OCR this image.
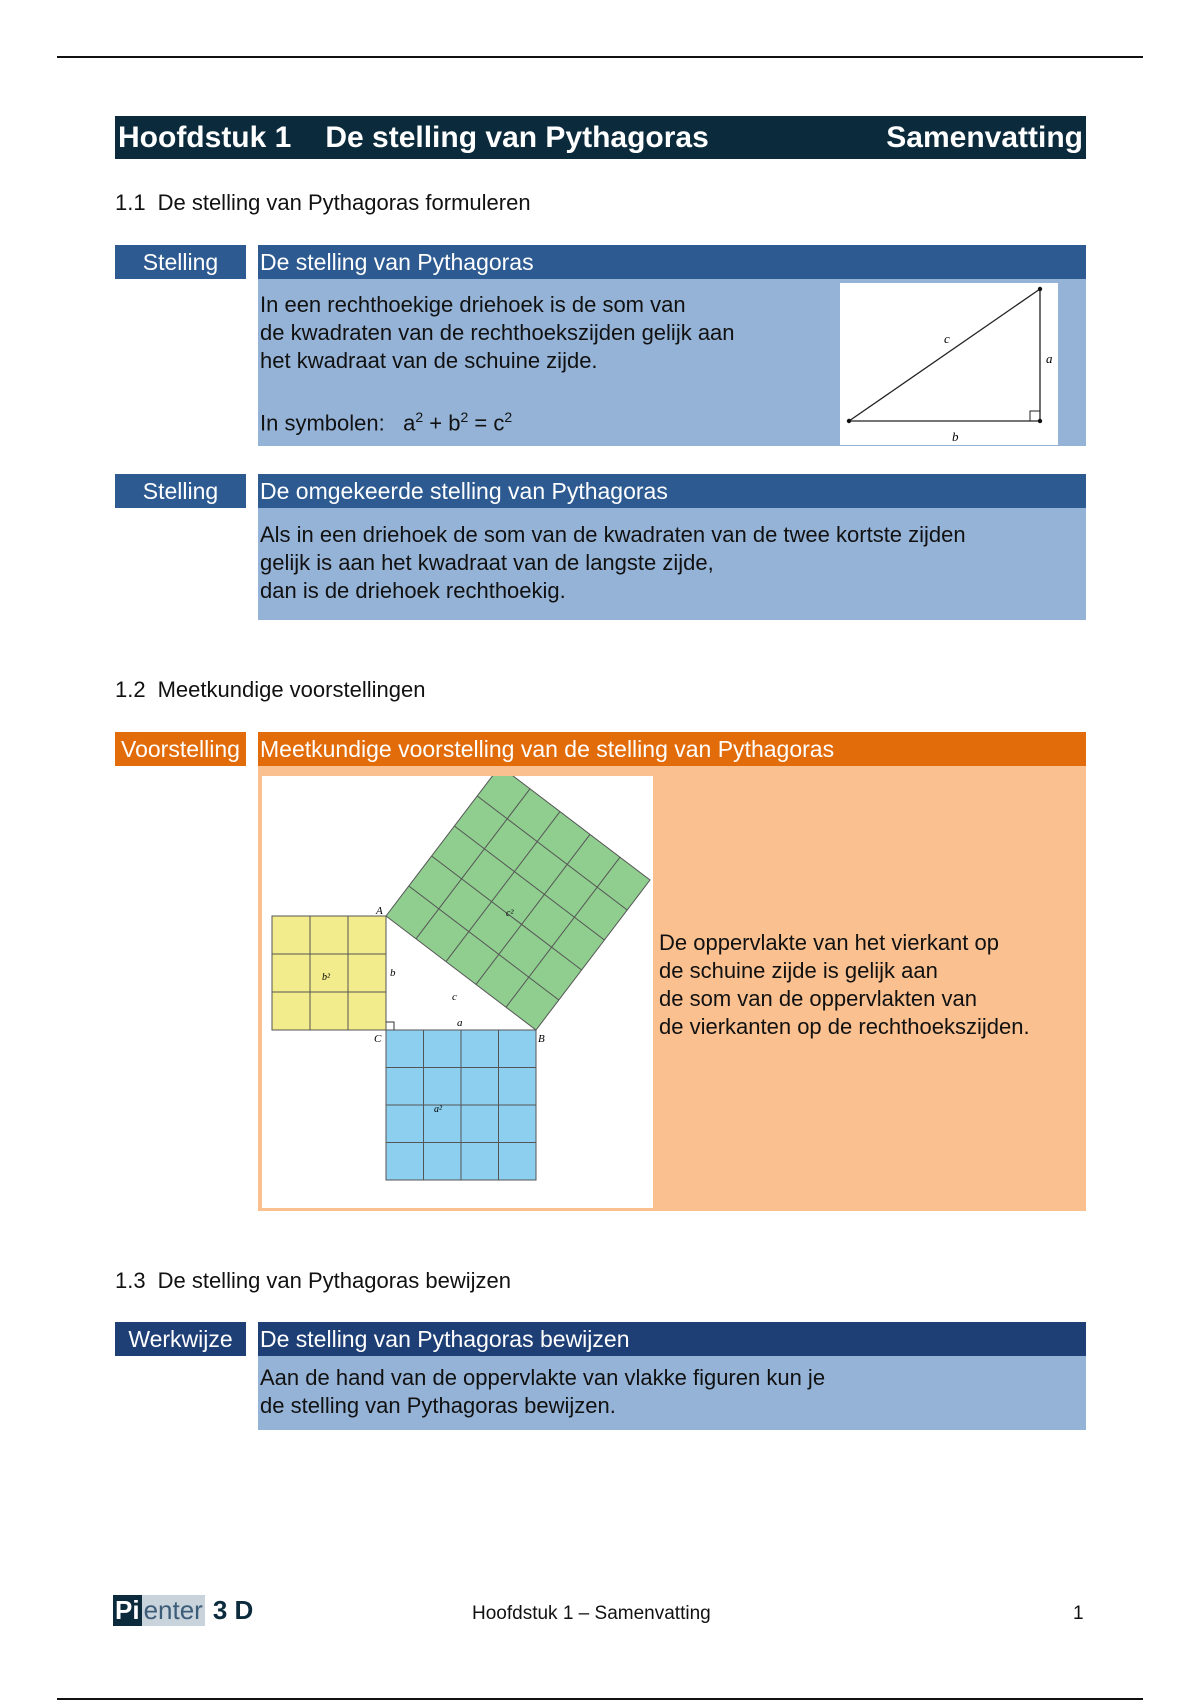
Hoofdstuk 1 De stelling van Pythagoras	Samenvatting
1.1 De stelling van Pythagoras formuleren
Stelling	De stelling van Pythagoras
In een rechthoekige driehoek is de som van
de kwadraten van de rechthoekszijden gelijk aan
het kwadraat van de schuine zijde.
In symbolen: $a^2 + b^2 = c^2$
c
a
b
Stelling	De omgekeerde stelling van Pythagoras
Als in een driehoek de som van de kwadraten van de twee kortste zijden
gelijk is aan het kwadraat van de langste zijde,
dan is de driehoek rechthoekig.
1.2 Meetkundige voorstellingen
Voorstelling Meetkundige voorstelling van de stelling van Pythagoras
A
B
C
a
b
c
b²
a²
c²
De oppervlakte van het vierkant op
de schuine zijde is gelijk aan
de som van de oppervlakten van
de vierkanten op de rechthoekszijden.
1.3 De stelling van Pythagoras bewijzen
Werkwijze	De stelling van Pythagoras bewijzen
Aan de hand van de oppervlakte van vlakke figuren kun je
de stelling van Pythagoras bewijzen.
Pi enter 3 D	Hoofdstuk 1 – Samenvatting	1
